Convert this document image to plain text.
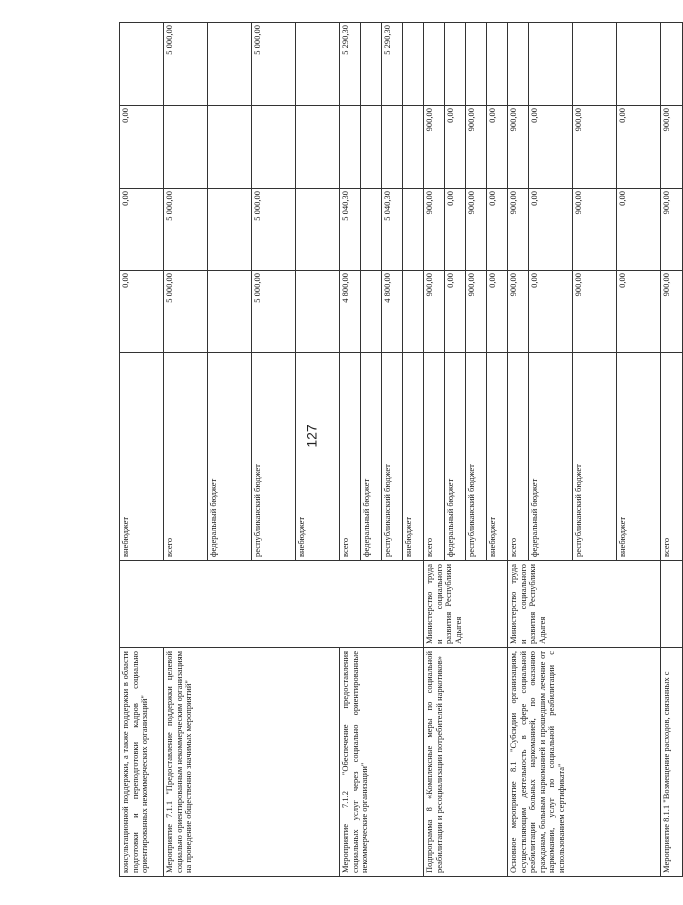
127
консультационной поддержки, а также поддержки в области подготовки и переподготовки кадров социально ориентированных некоммерческих организаций"		внебюджет	0,00	0,00	0,00	
Мероприятие 7.1.1 "Предоставление поддержки целевой социально ориентированным некоммерческим организациям на проведение общественно значимых мероприятий"		всего	5 000,00	5 000,00		5 000,00
		федеральный бюджет				
		республиканский бюджет	5 000,00	5 000,00		5 000,00
		внебюджет				
Мероприятие 7.1.2 "Обеспечение предоставления социальных услуг через социально ориентированные некоммерческие организации"		всего	4 800,00	5 040,30		5 290,30
		федеральный бюджет				
		республиканский бюджет	4 800,00	5 040,30		5 290,30
		внебюджет				
Подпрограмма 8 «Комплексные меры по социальной реабилитации и ресоциализации потребителей наркотиков»	Министерство труда и социального развития Республики Адыгея	всего	900,00	900,00	900,00	
		федеральный бюджет	0,00	0,00	0,00	
		республиканский бюджет	900,00	900,00	900,00	
		внебюджет	0,00	0,00	0,00	
Основное мероприятие 8.1 "Субсидии организациям, осуществляющим деятельность в сфере социальной реабилитации больных наркоманией, по оказанию гражданам, больным наркоманией и прошедшим лечение от наркомании, услуг по социальной реабилитации с использованием сертификата"	Министерство труда и социального развития Республики Адыгея	всего	900,00	900,00	900,00	
		федеральный бюджет	0,00	0,00	0,00	
		республиканский бюджет	900,00	900,00	900,00	
		внебюджет	0,00	0,00	0,00	
Мероприятие 8.1.1 "Возмещение расходов, связанных с		всего	900,00	900,00	900,00	
